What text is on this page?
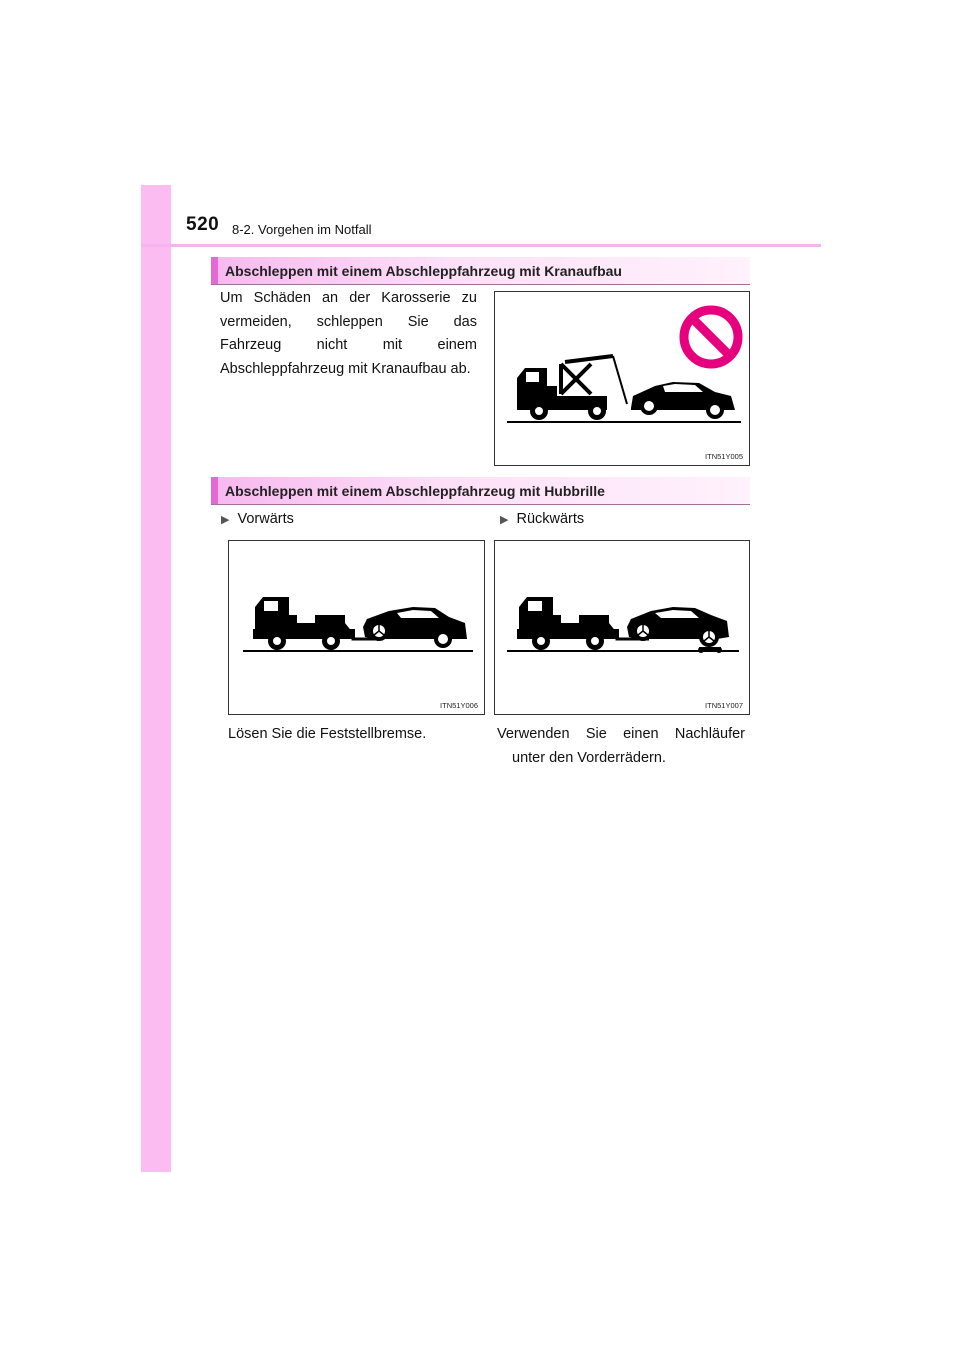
520 8-2. Vorgehen im Notfall
Abschleppen mit einem Abschleppfahrzeug mit Kranaufbau
Um Schäden an der Karosserie zu vermeiden, schleppen Sie das Fahrzeug nicht mit einem Abschleppfahrzeug mit Kranaufbau ab.
ITN51Y005
Abschleppen mit einem Abschleppfahrzeug mit Hubbrille
▶ Vorwärts	▶ Rückwärts
ITN51Y006	ITN51Y007
Lösen Sie die Feststellbremse.	Verwenden Sie einen Nachläufer
unter den Vorderrädern.
